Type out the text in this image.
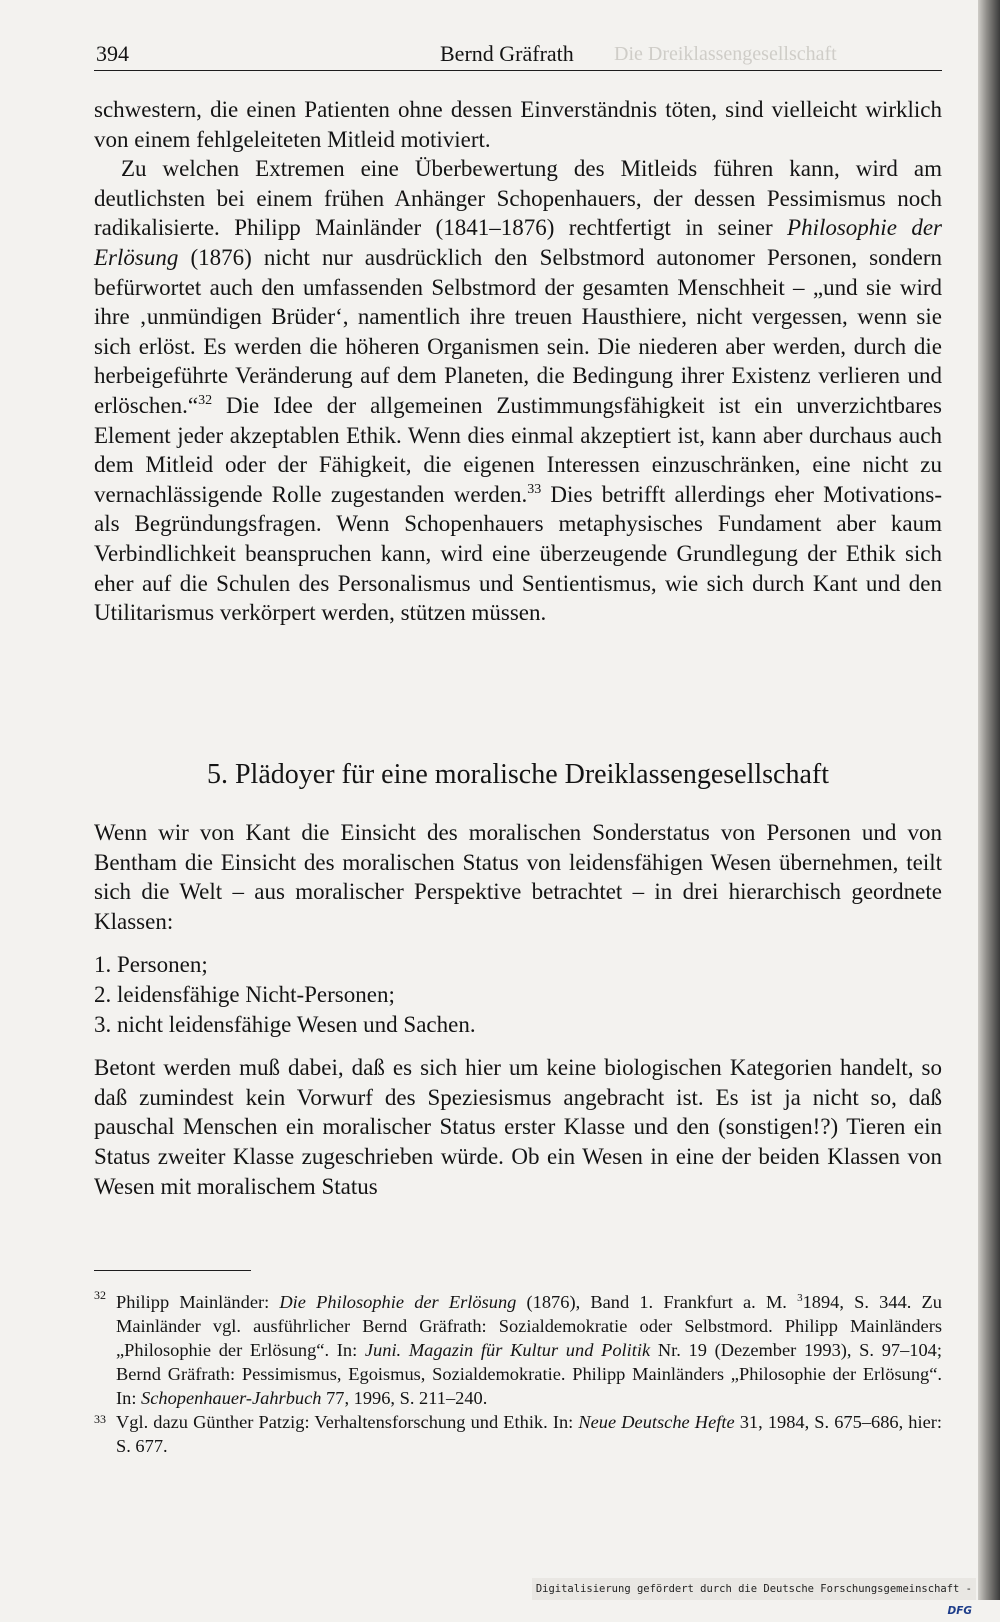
394	Bernd Gräfrath Die Dreiklassengesellschaft

schwestern, die einen Patienten ohne dessen Einverständnis töten, sind vielleicht wirklich von einem fehlgeleiteten Mitleid motiviert.

Zu welchen Extremen eine Überbewertung des Mitleids führen kann, wird am deutlichsten bei einem frühen Anhänger Schopenhauers, der dessen Pessimismus noch radikalisierte. Philipp Mainländer (1841–1876) rechtfertigt in seiner Philosophie der Erlösung (1876) nicht nur ausdrücklich den Selbstmord autonomer Personen, sondern befürwortet auch den umfassenden Selbstmord der gesamten Menschheit – „und sie wird ihre ‚unmündigen Brüder‘, namentlich ihre treuen Hausthiere, nicht vergessen, wenn sie sich erlöst. Es werden die höheren Organismen sein. Die niederen aber werden, durch die herbeigeführte Veränderung auf dem Planeten, die Bedingung ihrer Existenz verlieren und erlöschen.“$^{32}$ Die Idee der allgemeinen Zustimmungsfähigkeit ist ein unverzichtbares Element jeder akzeptablen Ethik. Wenn dies einmal akzeptiert ist, kann aber durchaus auch dem Mitleid oder der Fähigkeit, die eigenen Interessen einzuschränken, eine nicht zu vernachlässigende Rolle zugestanden werden.$^{33}$ Dies betrifft allerdings eher Motivations- als Begründungsfragen. Wenn Schopenhauers metaphysisches Fundament aber kaum Verbindlichkeit beanspruchen kann, wird eine überzeugende Grundlegung der Ethik sich eher auf die Schulen des Personalismus und Sentientismus, wie sich durch Kant und den Utilitarismus verkörpert werden, stützen müssen.

5. Plädoyer für eine moralische Dreiklassengesellschaft

Wenn wir von Kant die Einsicht des moralischen Sonderstatus von Personen und von Bentham die Einsicht des moralischen Status von leidensfähigen Wesen übernehmen, teilt sich die Welt – aus moralischer Perspektive betrachtet – in drei hierarchisch geordnete Klassen:

1. Personen;
2. leidensfähige Nicht-Personen;
3. nicht leidensfähige Wesen und Sachen.

Betont werden muß dabei, daß es sich hier um keine biologischen Kategorien handelt, so daß zumindest kein Vorwurf des Speziesismus angebracht ist. Es ist ja nicht so, daß pauschal Menschen ein moralischer Status erster Klasse und den (sonstigen!?) Tieren ein Status zweiter Klasse zugeschrieben würde. Ob ein Wesen in eine der beiden Klassen von Wesen mit moralischem Status

32 Philipp Mainländer: Die Philosophie der Erlösung (1876), Band 1. Frankfurt a. M. $^3$1894, S. 344. Zu Mainländer vgl. ausführlicher Bernd Gräfrath: Sozialdemokratie oder Selbstmord. Philipp Mainländers „Philosophie der Erlösung“. In: Juni. Magazin für Kultur und Politik Nr. 19 (Dezember 1993), S. 97–104; Bernd Gräfrath: Pessimismus, Egoismus, Sozialdemokratie. Philipp Mainländers „Philosophie der Erlösung“. In: Schopenhauer-Jahrbuch 77, 1996, S. 211–240.

33 Vgl. dazu Günther Patzig: Verhaltensforschung und Ethik. In: Neue Deutsche Hefte 31, 1984, S. 675–686, hier: S. 677.

Digitalisierung gefördert durch die Deutsche Forschungsgemeinschaft - DFG
